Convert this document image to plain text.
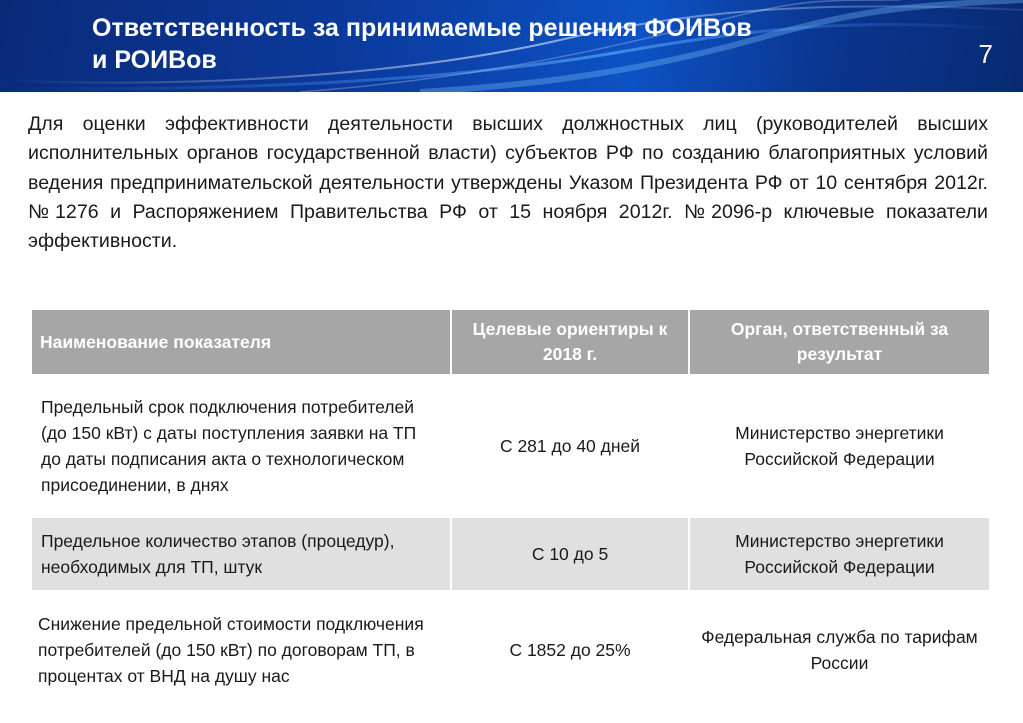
Ответственность за принимаемые решения ФОИВов
и РОИВов	7

Для оценки эффективности деятельности высших должностных лиц (руководителей высших исполнительных органов государственной власти) субъектов РФ по созданию благоприятных условий ведения предпринимательской деятельности утверждены Указом Президента РФ от 10 сентября 2012г. №1276 и Распоряжением Правительства РФ от 15 ноября 2012г. №2096-р ключевые показатели эффективности.

Наименование показателя	Целевые ориентиры к 2018 г.	Орган, ответственный за результат
Предельный срок подключения потребителей (до 150 кВт) с даты поступления заявки на ТП до даты подписания акта о технологическом присоединении, в днях	С 281 до 40 дней	Министерство энергетики Российской Федерации
Предельное количество этапов (процедур), необходимых для ТП, штук	С 10 до 5	Министерство энергетики Российской Федерации
Снижение предельной стоимости подключения потребителей (до 150 кВт) по договорам ТП, в процентах от ВНД на душу нас	С 1852 до 25%	Федеральная служба по тарифам России
